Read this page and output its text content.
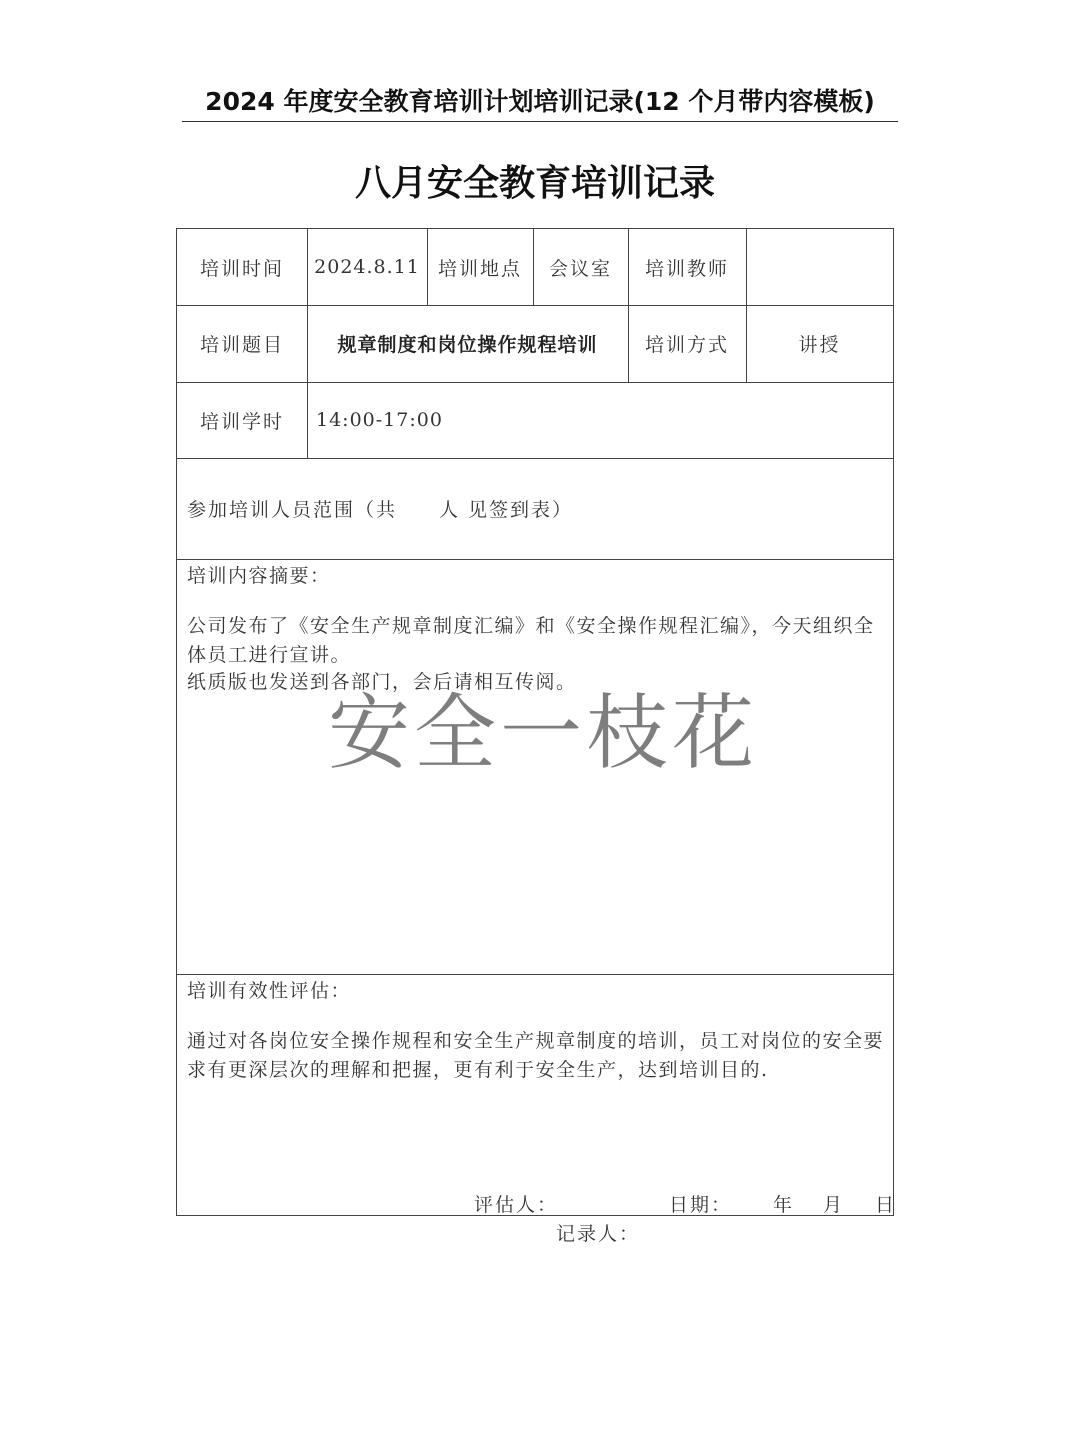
2024 年度安全教育培训计划培训记录(12 个月带内容模板)
八月安全教育培训记录
培训时间	2024.8.11 培训地点	会议室	培训教师
培训题目	规章制度和岗位操作规程培训	培训方式	讲授
培训学时	14:00-17:00
参加培训人员范围（共　　人 见签到表）
培训内容摘要：
公司发布了《安全生产规章制度汇编》和《安全操作规程汇编》，今天组织全体员工进行宣讲。
纸质版也发送到各部门，会后请相互传阅。
培训有效性评估：
通过对各岗位安全操作规程和安全生产规章制度的培训，员工对岗位的安全要求有更深层次的理解和把握，更有利于安全生产，达到培训目的.
评估人：	日期： 年 月 日
记录人：
安全一枝花
